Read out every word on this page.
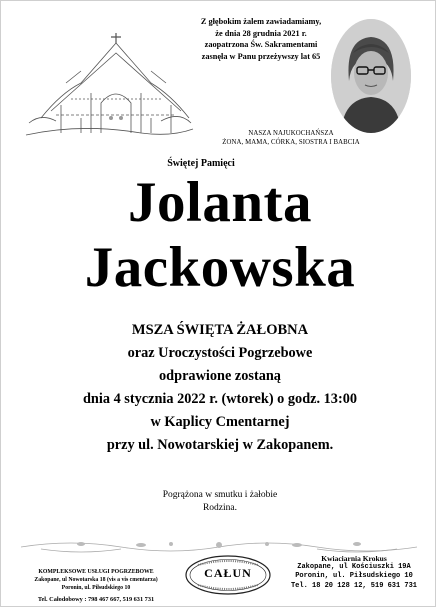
Z głębokim żalem zawiadamiamy,
że dnia 28 grudnia 2021 r.
zaopatrzona Św. Sakramentami
zasnęła w Panu przeżywszy lat 65
NASZA NAJUKOCHAŃSZA
ŻONA, MAMA, CÓRKA, SIOSTRA I BABCIA
Świętej Pamięci
Jolanta
Jackowska
MSZA ŚWIĘTA ŻAŁOBNA
oraz Uroczystości Pogrzebowe
odprawione zostaną
dnia 4 stycznia 2022 r. (wtorek) o godz. 13:00
w Kaplicy Cmentarnej
przy ul. Nowotarskiej w Zakopanem.
Pogrążona w smutku i żałobie
Rodzina.
KOMPLEKSOWE USŁUGI POGRZEBOWE
Zakopane, ul Nowotarska 18 (vis a vis cmentarza)
Poronin, ul. Piłsudskiego 10
Tel. Całodobowy : 798 467 667, 519 631 731
CAŁUN
Kwiaciarnia Krokus
Zakopane, ul Kościuszki 19A
Poronin, ul. Piłsudskiego 10
Tel. 18 20 128 12, 519 631 731
